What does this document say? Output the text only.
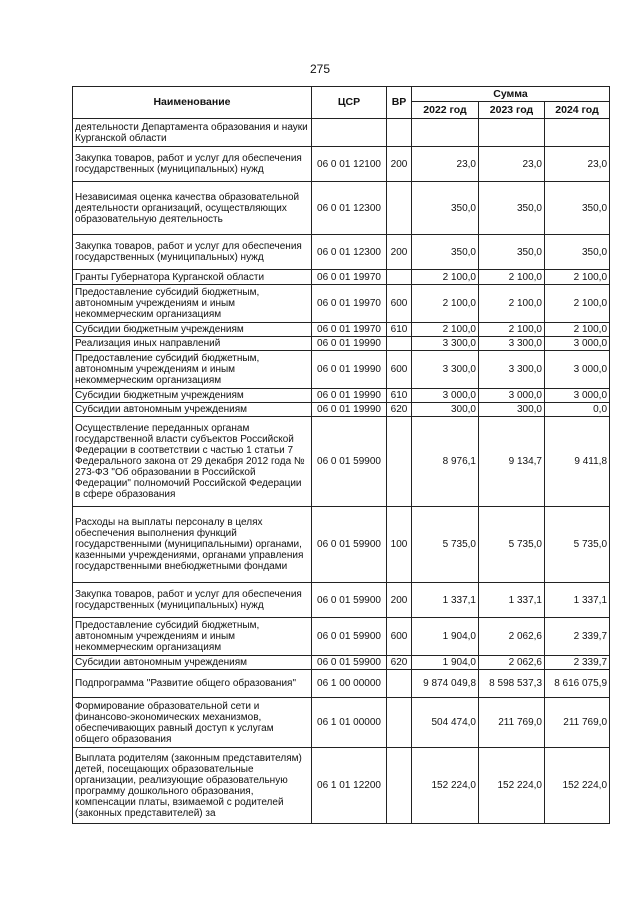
275
Наименование	ЦСР	ВР	Сумма		
			2022 год	2023 год	2024 год
деятельности Департамента образования и науки Курганской области					
Закупка товаров, работ и услуг для обеспечения государственных (муниципальных) нужд	06 0 01 12100	200	23,0	23,0	23,0
Независимая оценка качества образовательной деятельности организаций, осуществляющих образовательную деятельность	06 0 01 12300		350,0	350,0	350,0
Закупка товаров, работ и услуг для обеспечения государственных (муниципальных) нужд	06 0 01 12300	200	350,0	350,0	350,0
Гранты Губернатора Курганской области	06 0 01 19970		2 100,0	2 100,0	2 100,0
Предоставление субсидий бюджетным, автономным учреждениям и иным некоммерческим организациям	06 0 01 19970	600	2 100,0	2 100,0	2 100,0
Субсидии бюджетным учреждениям	06 0 01 19970	610	2 100,0	2 100,0	2 100,0
Реализация иных направлений	06 0 01 19990		3 300,0	3 300,0	3 000,0
Предоставление субсидий бюджетным, автономным учреждениям и иным некоммерческим организациям	06 0 01 19990	600	3 300,0	3 300,0	3 000,0
Субсидии бюджетным учреждениям	06 0 01 19990	610	3 000,0	3 000,0	3 000,0
Субсидии автономным учреждениям	06 0 01 19990	620	300,0	300,0	0,0
Осуществление переданных органам государственной власти субъектов Российской Федерации в соответствии с частью 1 статьи 7 Федерального закона от 29 декабря 2012 года № 273-ФЗ "Об образовании в Российской Федерации" полномочий Российской Федерации в сфере образования	06 0 01 59900		8 976,1	9 134,7	9 411,8
Расходы на выплаты персоналу в целях обеспечения выполнения функций государственными (муниципальными) органами, казенными учреждениями, органами управления государственными внебюджетными фондами	06 0 01 59900	100	5 735,0	5 735,0	5 735,0
Закупка товаров, работ и услуг для обеспечения государственных (муниципальных) нужд	06 0 01 59900	200	1 337,1	1 337,1	1 337,1
Предоставление субсидий бюджетным, автономным учреждениям и иным некоммерческим организациям	06 0 01 59900	600	1 904,0	2 062,6	2 339,7
Субсидии автономным учреждениям	06 0 01 59900	620	1 904,0	2 062,6	2 339,7
Подпрограмма "Развитие общего образования"	06 1 00 00000		9 874 049,8	8 598 537,3	8 616 075,9
Формирование образовательной сети и финансово-экономических механизмов, обеспечивающих равный доступ к услугам общего образования	06 1 01 00000		504 474,0	211 769,0	211 769,0
Выплата родителям (законным представителям) детей, посещающих образовательные организации, реализующие образовательную программу дошкольного образования, компенсации платы, взимаемой с родителей (законных представителей) за	06 1 01 12200		152 224,0	152 224,0	152 224,0
